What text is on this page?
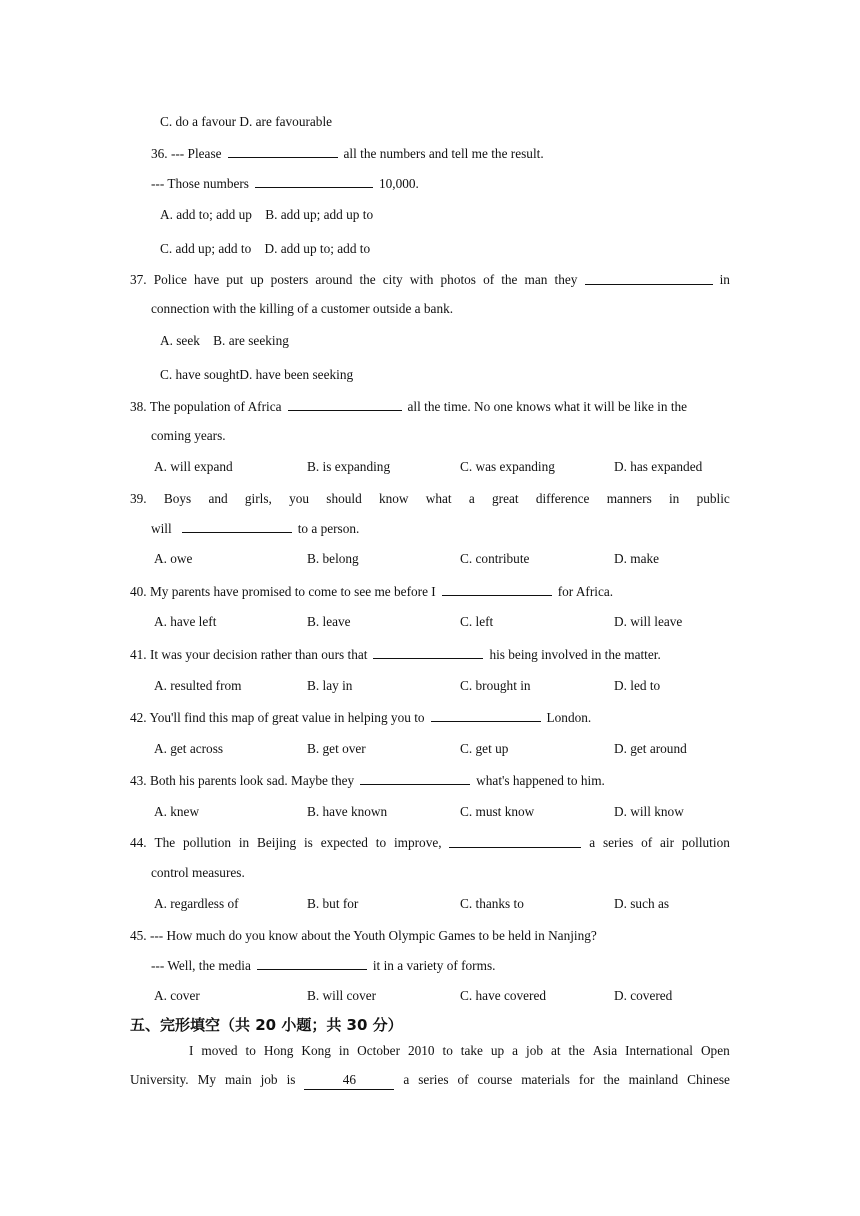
C. do a favour D. are favourable
36. --- Please	all the numbers and tell me the result.
--- Those numbers	10,000.
A. add to; add up    B. add up; add up to
C. add up; add to    D. add up to; add to
37. Police have put up posters around the city with photos of the man they	in
connection with the killing of a customer outside a bank.
A. seek    B. are seeking
C. have soughtD. have been seeking
38. The population of Africa	all the time. No one knows what it will be like in the
coming years.
A. will expand	B. is expanding	C. was expanding	D. has expanded
39. Boys and girls, you should know what a great difference manners in public
will	to a person.
A. owe	B. belong	C. contribute	D. make
40. My parents have promised to come to see me before I	for Africa.
A. have left	B. leave	C. left	D. will leave
41. It was your decision rather than ours that	his being involved in the matter.
A. resulted from	B. lay in	C. brought in	D. led to
42. You'll find this map of great value in helping you to	London.
A. get across	B. get over	C. get up	D. get around
43. Both his parents look sad. Maybe they	what's happened to him.
A. knew	B. have known	C. must know	D. will know
44. The pollution in Beijing is expected to improve,	a series of air pollution
control measures.
A. regardless of	B. but for	C. thanks to	D. such as
45. --- How much do you know about the Youth Olympic Games to be held in Nanjing?
--- Well, the media	it in a variety of forms.
A. cover	B. will cover	C. have covered	D. covered
五、完形填空（共 20 小题；共 30 分）
I moved to Hong Kong in October 2010 to take up a job at the Asia International Open
University. My main job is	46	a series of course materials for the mainland Chinese
